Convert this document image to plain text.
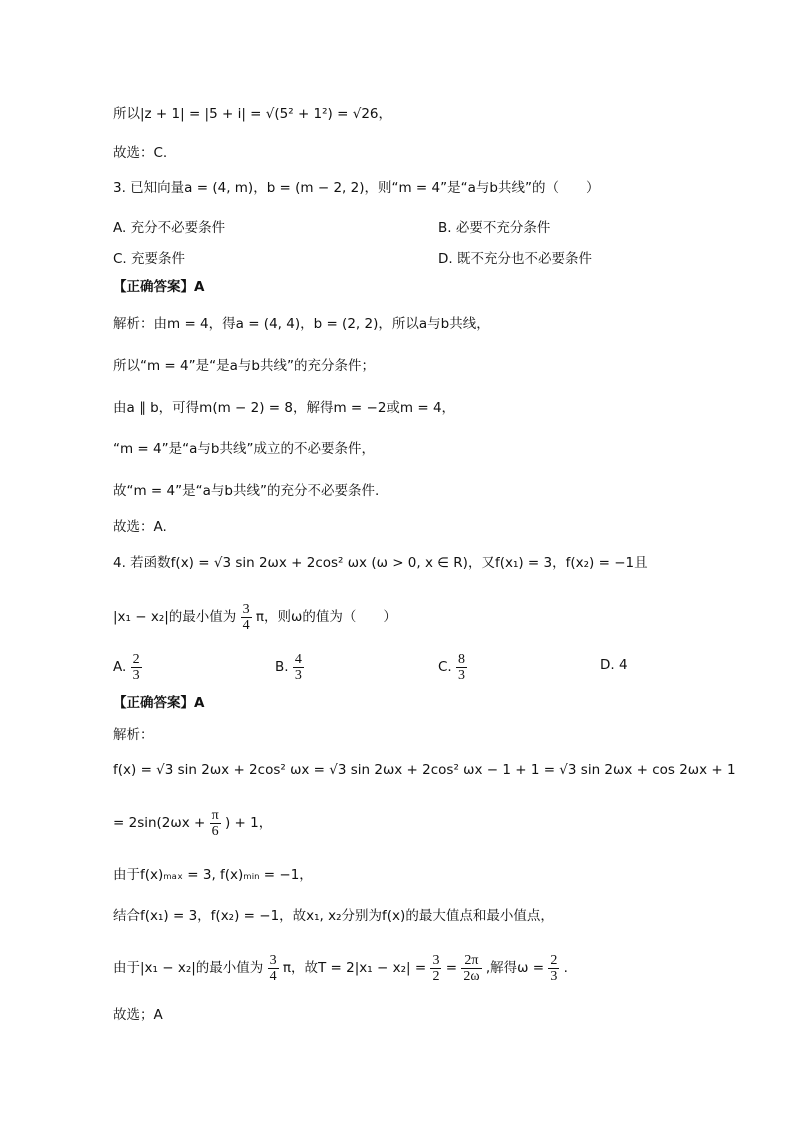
所以|z + 1| = |5 + i| = √(5² + 1²) = √26，
故选：C.
3. 已知向量a = (4, m)，b = (m − 2, 2)，则“m = 4”是“a与b共线”的（　　）
A. 充分不必要条件	B. 必要不充分条件
C. 充要条件	D. 既不充分也不必要条件
【正确答案】A
解析：由m = 4，得a = (4, 4)，b = (2, 2)，所以a与b共线，
所以“m = 4”是“是a与b共线”的充分条件；
由a ∥ b，可得m(m − 2) = 8，解得m = −2或m = 4，
“m = 4”是“a与b共线”成立的不必要条件，
故“m = 4”是“a与b共线”的充分不必要条件.
故选：A.
4. 若函数f(x) = √3 sin 2ωx + 2cos² ωx (ω > 0, x ∈ R)，又f(x₁) = 3，f(x₂) = −1且
|x₁ − x₂|的最小值为 $\frac{3}{4}$ π，则ω的值为（　　）
A. $\frac{2}{3}$	B. $\frac{4}{3}$	C. $\frac{8}{3}$	D. 4
【正确答案】A
解析：
f(x) = √3 sin 2ωx + 2cos² ωx = √3 sin 2ωx + 2cos² ωx − 1 + 1 = √3 sin 2ωx + cos 2ωx + 1
= $2\sin(2\omega x + \frac{\pi}{6}$ ) + 1，
由于f(x)ₘₐₓ = 3, f(x)ₘᵢₙ = −1，
结合f(x₁) = 3，f(x₂) = −1，故x₁, x₂分别为f(x)的最大值点和最小值点，
由于|x₁ − x₂|的最小值为 $\frac{3}{4}$ π，故$T = 2|x_1 - x_2| = \frac{3}{2} = \frac{2\pi}{2\omega}$ ,解得$\omega = \frac{2}{3}$ .
故选；A
